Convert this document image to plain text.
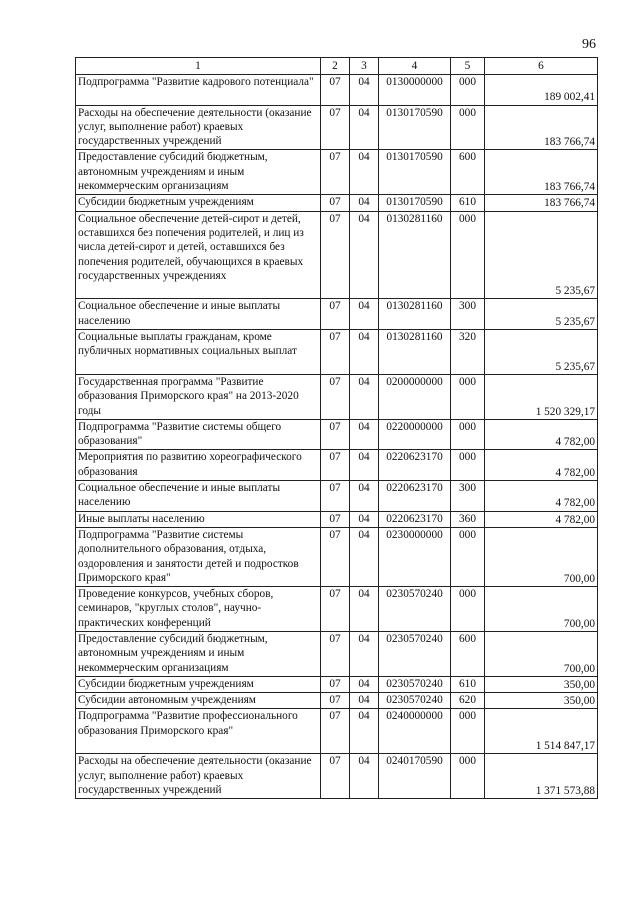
96
1	2	3	4	5	6
Подпрограмма "Развитие кадрового потенциала"	07	04	0130000000	000	189 002,41
Расходы на обеспечение деятельности (оказание услуг, выполнение работ) краевых государственных учреждений	07	04	0130170590	000	183 766,74
Предоставление субсидий бюджетным, автономным учреждениям и иным некоммерческим организациям	07	04	0130170590	600	183 766,74
Субсидии бюджетным учреждениям	07	04	0130170590	610	183 766,74
Социальное обеспечение детей-сирот и детей, оставшихся без попечения родителей, и лиц из числа детей-сирот и детей, оставшихся без попечения родителей, обучающихся в краевых государственных учреждениях	07	04	0130281160	000	5 235,67
Социальное обеспечение и иные выплаты населению	07	04	0130281160	300	5 235,67
Социальные выплаты гражданам, кроме публичных нормативных социальных выплат	07	04	0130281160	320	5 235,67
Государственная программа "Развитие образования Приморского края" на 2013-2020 годы	07	04	0200000000	000	1 520 329,17
Подпрограмма "Развитие системы общего образования"	07	04	0220000000	000	4 782,00
Мероприятия по развитию хореографического образования	07	04	0220623170	000	4 782,00
Социальное обеспечение и иные выплаты населению	07	04	0220623170	300	4 782,00
Иные выплаты населению	07	04	0220623170	360	4 782,00
Подпрограмма "Развитие системы дополнительного образования, отдыха, оздоровления и занятости детей и подростков Приморского края"	07	04	0230000000	000	700,00
Проведение конкурсов, учебных сборов, семинаров, "круглых столов", научно-практических конференций	07	04	0230570240	000	700,00
Предоставление субсидий бюджетным, автономным учреждениям и иным некоммерческим организациям	07	04	0230570240	600	700,00
Субсидии бюджетным учреждениям	07	04	0230570240	610	350,00
Субсидии автономным учреждениям	07	04	0230570240	620	350,00
Подпрограмма "Развитие профессионального образования Приморского края"	07	04	0240000000	000	1 514 847,17
Расходы на обеспечение деятельности (оказание услуг, выполнение работ) краевых государственных учреждений	07	04	0240170590	000	1 371 573,88
